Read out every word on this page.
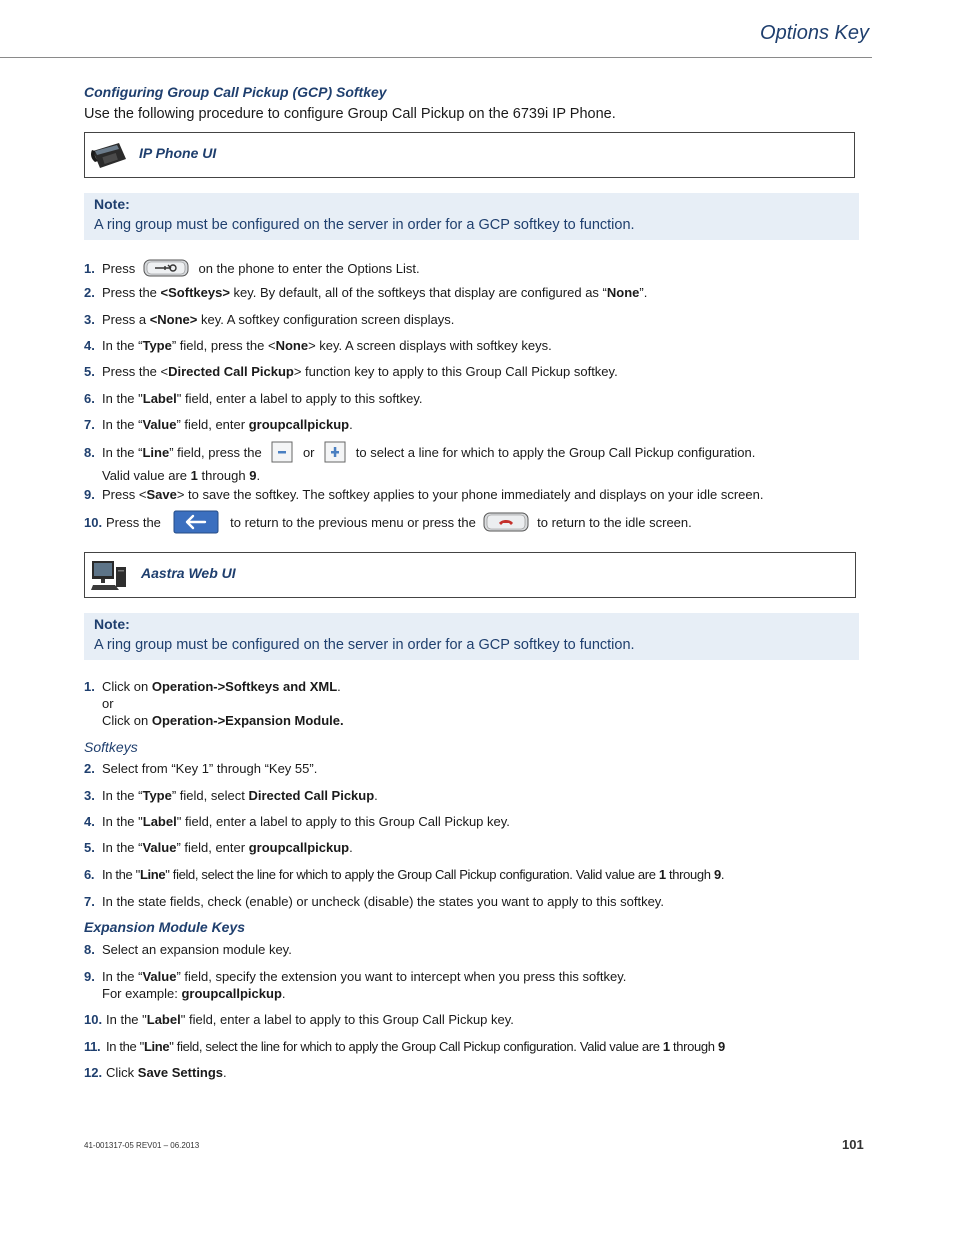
Options Key
Configuring Group Call Pickup (GCP) Softkey
Use the following procedure to configure Group Call Pickup on the 6739i IP Phone.
IP Phone UI
Note:
A ring group must be configured on the server in order for a GCP softkey to function.
1. Press	on the phone to enter the Options List.
2. Press the <Softkeys> key. By default, all of the softkeys that display are configured as “None”.
3. Press a <None> key. A softkey configuration screen displays.
4. In the “Type” field, press the <None> key. A screen displays with softkey keys.
5. Press the <Directed Call Pickup> function key to apply to this Group Call Pickup softkey.
6. In the "Label" field, enter a label to apply to this softkey.
7. In the “Value” field, enter groupcallpickup.
8. In the “Line” field, press the	or	to select a line for which to apply the Group Call Pickup configuration.
Valid value are 1 through 9.
9. Press <Save> to save the softkey. The softkey applies to your phone immediately and displays on your idle screen.
10. Press the	to return to the previous menu or press the	to return to the idle screen.
Aastra Web UI
Note:
A ring group must be configured on the server in order for a GCP softkey to function.
1. Click on Operation->Softkeys and XML.
or
Click on Operation->Expansion Module.
Softkeys
2. Select from “Key 1” through “Key 55”.
3. In the “Type” field, select Directed Call Pickup.
4. In the "Label" field, enter a label to apply to this Group Call Pickup key.
5. In the “Value” field, enter groupcallpickup.
6. In the "Line" field, select the line for which to apply the Group Call Pickup configuration. Valid value are 1 through 9.
7. In the state fields, check (enable) or uncheck (disable) the states you want to apply to this softkey.
Expansion Module Keys
8. Select an expansion module key.
9. In the “Value” field, specify the extension you want to intercept when you press this softkey.
For example: groupcallpickup.
10. In the "Label" field, enter a label to apply to this Group Call Pickup key.
11. In the "Line" field, select the line for which to apply the Group Call Pickup configuration. Valid value are 1 through 9
12. Click Save Settings.
41-001317-05 REV01 – 06.2013	101
